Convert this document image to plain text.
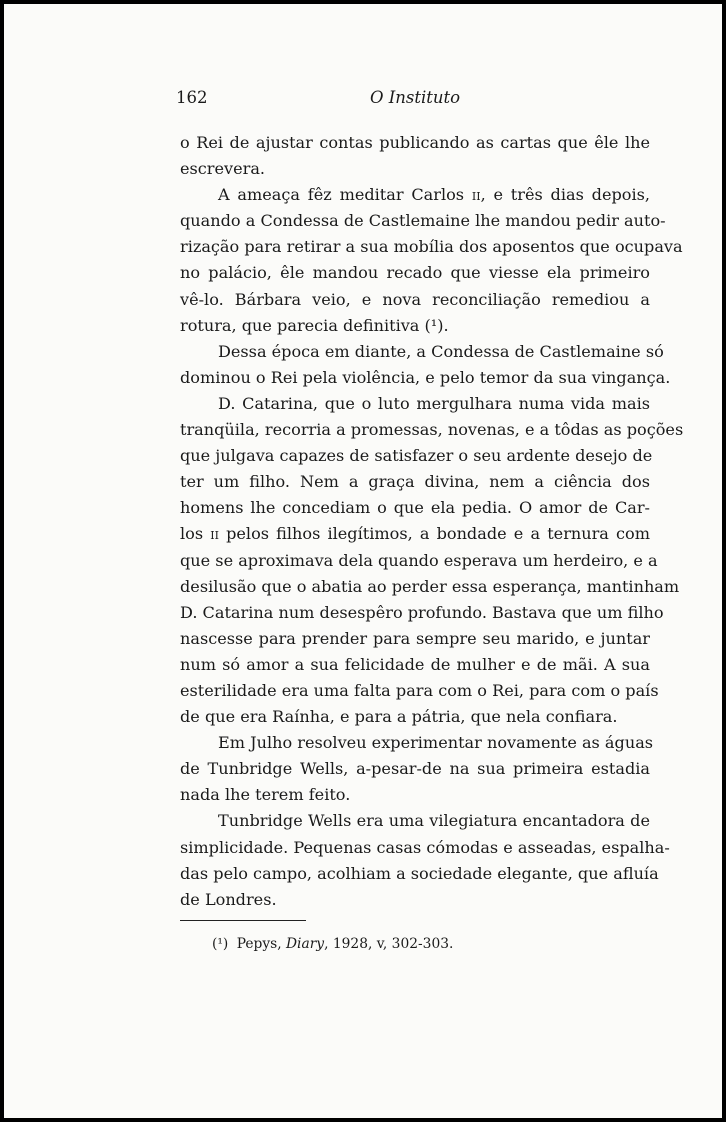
162	O Instituto
o Rei de ajustar contas publicando as cartas que êle lhe
escrevera.
A ameaça fêz meditar Carlos ii, e três dias depois,
quando a Condessa de Castlemaine lhe mandou pedir auto-
rização para retirar a sua mobília dos aposentos que ocupava
no palácio, êle mandou recado que viesse ela primeiro
vê-lo. Bárbara veio, e nova reconciliação remediou a
rotura, que parecia definitiva (¹).
Dessa época em diante, a Condessa de Castlemaine só
dominou o Rei pela violência, e pelo temor da sua vingança.
D. Catarina, que o luto mergulhara numa vida mais
tranqüila, recorria a promessas, novenas, e a tôdas as poções
que julgava capazes de satisfazer o seu ardente desejo de
ter um filho. Nem a graça divina, nem a ciência dos
homens lhe concediam o que ela pedia. O amor de Car-
los ii pelos filhos ilegítimos, a bondade e a ternura com
que se aproximava dela quando esperava um herdeiro, e a
desilusão que o abatia ao perder essa esperança, mantinham
D. Catarina num desespêro profundo. Bastava que um filho
nascesse para prender para sempre seu marido, e juntar
num só amor a sua felicidade de mulher e de mãi. A sua
esterilidade era uma falta para com o Rei, para com o país
de que era Raínha, e para a pátria, que nela confiara.
Em Julho resolveu experimentar novamente as águas
de Tunbridge Wells, a-pesar-de na sua primeira estadia
nada lhe terem feito.
Tunbridge Wells era uma vilegiatura encantadora de
simplicidade. Pequenas casas cómodas e asseadas, espalha-
das pelo campo, acolhiam a sociedade elegante, que afluía
de Londres.
(¹) Pepys, Diary, 1928, v, 302-303.
